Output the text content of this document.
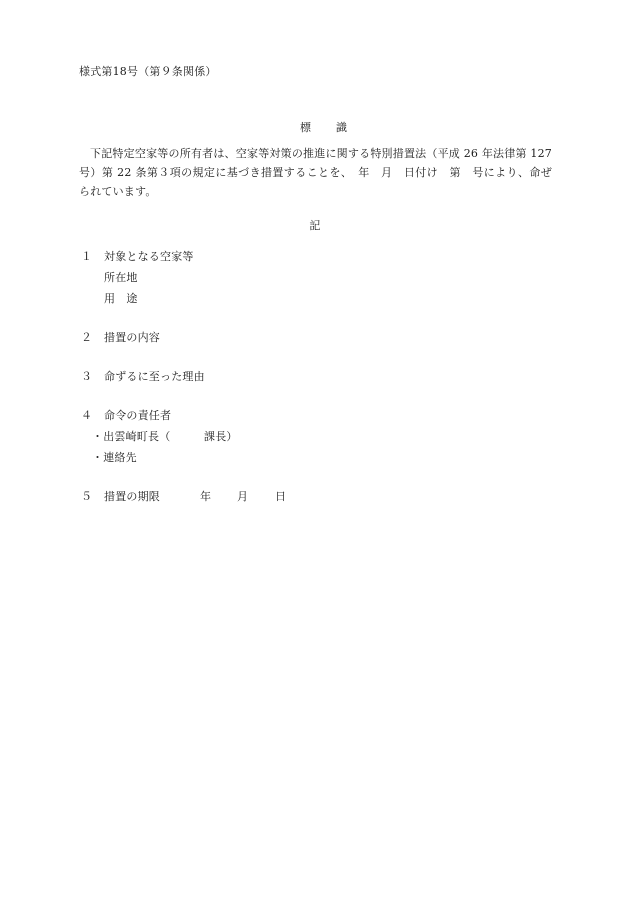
様式第18号（第９条関係）

標 識

下記特定空家等の所有者は、空家等対策の推進に関する特別措置法（平成 26 年法律第 127 号）第 22 条第３項の規定に基づき措置することを、　年　月　日付け　第　号により、命ぜられています。
記
１ 対象となる空家等
所在地
用　途
２ 措置の内容
３ 命ずるに至った理由
４ 命令の責任者
・出雲崎町長（　　　課長）
・連絡先
５ 措置の期限	年 月 日
